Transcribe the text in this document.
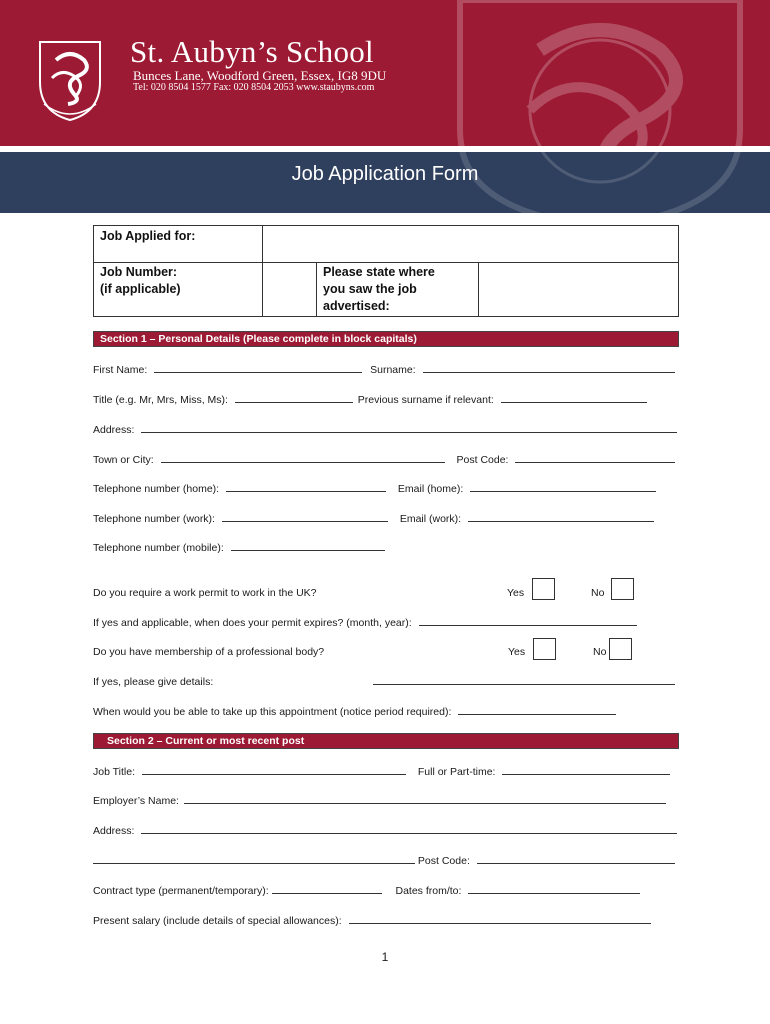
St. Aubyn’s School
Bunces Lane, Woodford Green, Essex, IG8 9DU
Tel: 020 8504 1577 Fax: 020 8504 2053 www.staubyns.com
Job Application Form
Job Applied for:
Job Number:
(if applicable)
Please state where
you saw the job
advertised:
Section 1 – Personal Details (Please complete in block capitals)
First Name:	Surname:
Title (e.g. Mr, Mrs, Miss, Ms):	Previous surname if relevant:
Address:
Town or City:	Post Code:
Telephone number (home):	Email (home):
Telephone number (work):	Email (work):
Telephone number (mobile):
Do you require a work permit to work in the UK?	Yes	No
If yes and applicable, when does your permit expires? (month, year):
Do you have membership of a professional body?	Yes	No
If yes, please give details:
When would you be able to take up this appointment (notice period required):
Section 2 – Current or most recent post
Job Title:	Full or Part-time:
Employer’s Name:
Address:
Post Code:
Contract type (permanent/temporary):	Dates from/to:
Present salary (include details of special allowances):
1
